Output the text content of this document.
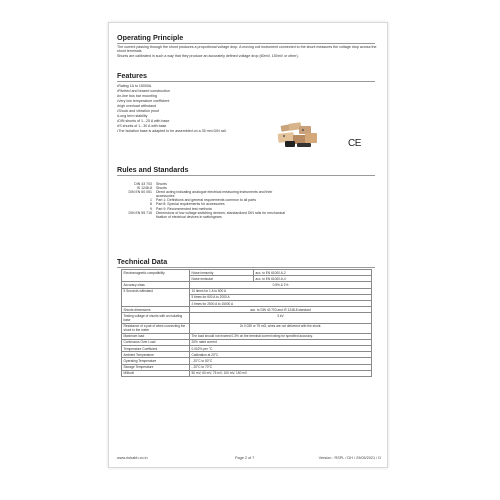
Operating Principle
The current passing through the shunt produces a proportional voltage drop. A moving coil instrument connected to the shunt measures the voltage drop across the shunt terminals.
Shunts are calibrated in such a way that they produce an accurately defined voltage drop (60mV, 150mV or other).
Features
• Rating 1A to 15000A
• Riveted and brazed construction
• In-line bus bar mounting
• Very low temperature coefficient
• high overload withstand
• Shock and vibration proof
• Long term stability
• DIN shunts of 1...25 A with base.
• IS shunts of 1...30 A with base
• The Isolation base is adapted to be assembled on a 35 mm DIN rail.
CE
Rules and Standards
DIN 43 703	Shunts
IS 1248-8	Shunts
DIN EN 60 051	Direct acting indicating analogue electrical measuring instruments and their accessories
1	Part 1: Definitions and general requirements common to all parts
8	Part 8: Special requirements for accessories
9	Part 9: Recommended test methods
DIN EN 55 715	Dimensions of low voltage switching devices: standardized DIN rails for mechanical fixation of electrical devices in switchgears
Technical Data
Electromagnetic compatibility	Noise immunity	acc. to EN 61000-6-2
	Noise emission	acc. to EN 61000-6-4
Accuracy class	0.5% & 1%	
5 Seconds withstand	10 times for 1 A to 500 A	
	5 times for 600 A to 2000 A	
	2 times for 2500 A to 15000 A	
Shunts dimensions	acc. to DIN 43 703 and IS 1248-8 standard	
Testing voltage of shunts with an isolating base	3 kV	
Resistance of a pair of wires connecting the shunt to the meter	2x 0.035 or 75 mΩ, wires are not delivered with the shunt.	
Maximum load	The load should not exceed 0.3% on the terminal current rating for specified accuracy.	
Continuous Over Load	20% rated current	
Temperature Coefficient	0.002% per °C	
Ambient Temperature	Calibration at 20°C	
Operating Temperature	- 20°C to 50°C	
Storage Temperature	- 20°C to 70°C	
Millivolt	50 mV, 60 mV, 75 mV, 100 mV, 150 mV	
www.rishabh.co.in	Page 2 of 7	Version : RSPL / DH / 29/05/2021 / D
